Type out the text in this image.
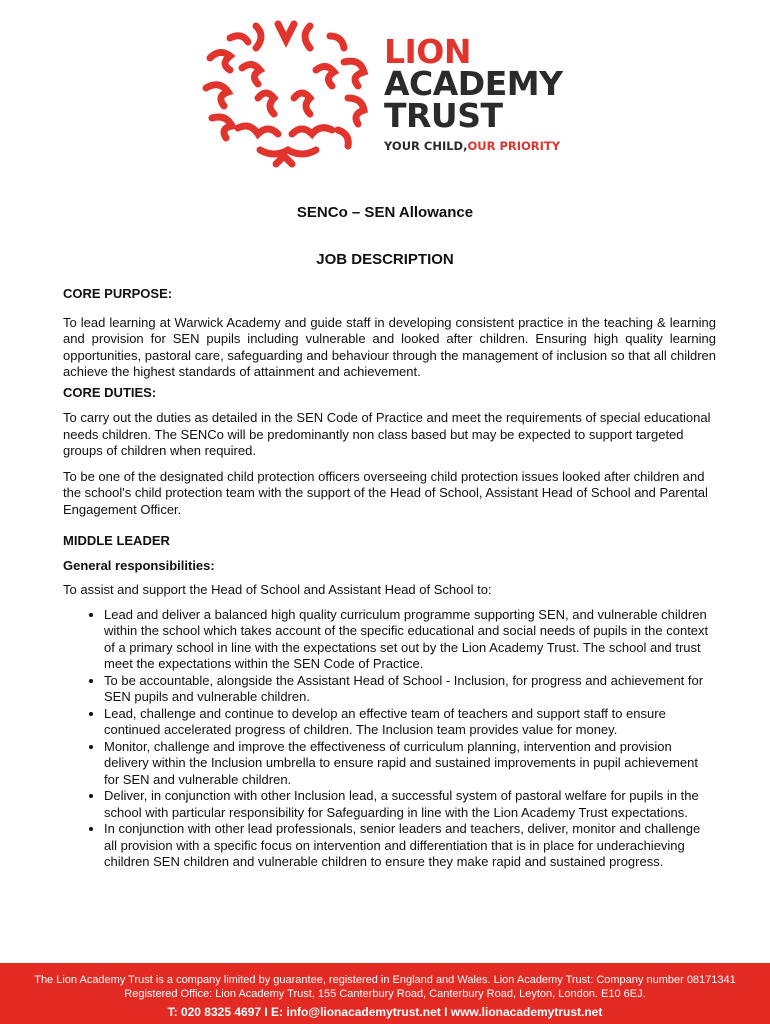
LION
ACADEMY
TRUST
YOUR CHILD,OUR PRIORITY
SENCo – SEN Allowance
JOB DESCRIPTION
CORE PURPOSE:

To lead learning at Warwick Academy and guide staff in developing consistent practice in the teaching & learning and provision for SEN pupils including vulnerable and looked after children. Ensuring high quality learning opportunities, pastoral care, safeguarding and behaviour through the management of inclusion so that all children achieve the highest standards of attainment and achievement.

CORE DUTIES:

To carry out the duties as detailed in the SEN Code of Practice and meet the requirements of special educational needs children. The SENCo will be predominantly non class based but may be expected to support targeted groups of children when required.

To be one of the designated child protection officers overseeing child protection issues looked after children and the school's child protection team with the support of the Head of School, Assistant Head of School and Parental Engagement Officer.

MIDDLE LEADER
General responsibilities:

To assist and support the Head of School and Assistant Head of School to:

• Lead and deliver a balanced high quality curriculum programme supporting SEN, and vulnerable children within the school which takes account of the specific educational and social needs of pupils in the context of a primary school in line with the expectations set out by the Lion Academy Trust. The school and trust meet the expectations within the SEN Code of Practice.
• To be accountable, alongside the Assistant Head of School - Inclusion, for progress and achievement for SEN pupils and vulnerable children.
• Lead, challenge and continue to develop an effective team of teachers and support staff to ensure continued accelerated progress of children. The Inclusion team provides value for money.
• Monitor, challenge and improve the effectiveness of curriculum planning, intervention and provision delivery within the Inclusion umbrella to ensure rapid and sustained improvements in pupil achievement for SEN and vulnerable children.
• Deliver, in conjunction with other Inclusion lead, a successful system of pastoral welfare for pupils in the school with particular responsibility for Safeguarding in line with the Lion Academy Trust expectations.
• In conjunction with other lead professionals, senior leaders and teachers, deliver, monitor and challenge all provision with a specific focus on intervention and differentiation that is in place for underachieving children SEN children and vulnerable children to ensure they make rapid and sustained progress.
The Lion Academy Trust is a company limited by guarantee, registered in England and Wales. Lion Academy Trust: Company number 08171341
Registered Office: Lion Academy Trust, 155 Canterbury Road, Canterbury Road, Leyton, London. E10 6EJ.
T: 020 8325 4697 I E: info@lionacademytrust.net I www.lionacademytrust.net
